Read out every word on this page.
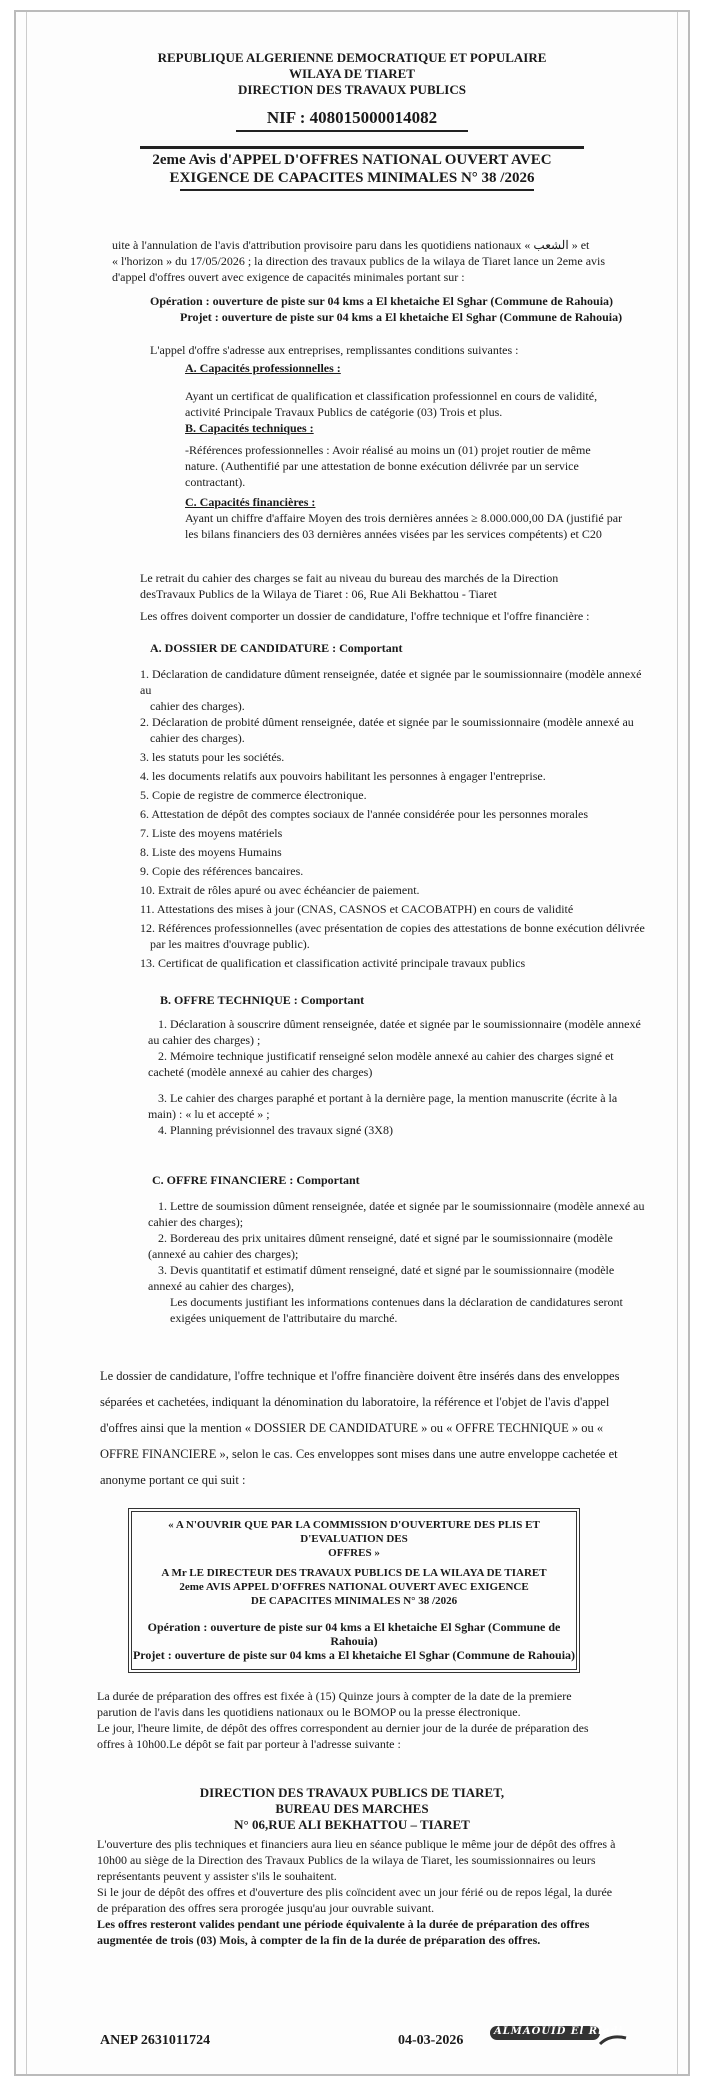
REPUBLIQUE ALGERIENNE DEMOCRATIQUE ET POPULAIRE
WILAYA DE TIARET
DIRECTION DES TRAVAUX PUBLICS
NIF : 408015000014082
2eme Avis d'APPEL D'OFFRES NATIONAL OUVERT AVEC
EXIGENCE DE CAPACITES MINIMALES N° 38 /2026

uite à l'annulation de l'avis d'attribution provisoire paru dans les quotidiens nationaux « الشعب » et

« l'horizon » du 17/05/2026 ; la direction des travaux publics de la wilaya de Tiaret lance un 2eme avis

d'appel d'offres ouvert avec exigence de capacités minimales portant sur :

Opération : ouverture de piste sur 04 kms a El khetaiche El Sghar (Commune de Rahouia)

Projet : ouverture de piste sur 04 kms a El khetaiche El Sghar (Commune de Rahouia)

L'appel d'offre s'adresse aux entreprises, remplissantes conditions suivantes :

A. Capacités professionnelles :

Ayant un certificat de qualification et classification professionnel en cours de validité,

activité Principale Travaux Publics de catégorie (03) Trois et plus.

B. Capacités techniques :

-Références professionnelles : Avoir réalisé au moins un (01) projet routier de même

nature. (Authentifié par une attestation de bonne exécution délivrée par un service

contractant).

C. Capacités financières :

Ayant un chiffre d'affaire Moyen des trois dernières années ≥ 8.000.000,00 DA (justifié par

les bilans financiers des 03 dernières années visées par les services compétents) et C20

Le retrait du cahier des charges se fait au niveau du bureau des marchés de la Direction

desTravaux Publics de la Wilaya de Tiaret : 06, Rue Ali Bekhattou - Tiaret

Les offres doivent comporter un dossier de candidature, l'offre technique et l'offre financière :

A. DOSSIER DE CANDIDATURE : Comportant

1. Déclaration de candidature dûment renseignée, datée et signée par le soumissionnaire (modèle annexé au

cahier des charges).

2. Déclaration de probité dûment renseignée, datée et signée par le soumissionnaire (modèle annexé au

cahier des charges).

3. les statuts pour les sociétés.

4. les documents relatifs aux pouvoirs habilitant les personnes à engager l'entreprise.

5. Copie de registre de commerce électronique.

6. Attestation de dépôt des comptes sociaux de l'année considérée pour les personnes morales

7. Liste des moyens matériels

8. Liste des moyens Humains

9. Copie des références bancaires.

10. Extrait de rôles apuré ou avec échéancier de paiement.

11. Attestations des mises à jour (CNAS, CASNOS et CACOBATPH) en cours de validité

12. Références professionnelles (avec présentation de copies des attestations de bonne exécution délivrée

par les maitres d'ouvrage public).

13. Certificat de qualification et classification activité principale travaux publics

B. OFFRE TECHNIQUE : Comportant

1. Déclaration à souscrire dûment renseignée, datée et signée par le soumissionnaire (modèle annexé

au cahier des charges) ;

2. Mémoire technique justificatif renseigné selon modèle annexé au cahier des charges signé et

cacheté (modèle annexé au cahier des charges)

3. Le cahier des charges paraphé et portant à la dernière page, la mention manuscrite (écrite à la

main) : « lu et accepté » ;

4. Planning prévisionnel des travaux signé (3X8)

C. OFFRE FINANCIERE : Comportant

1. Lettre de soumission dûment renseignée, datée et signée par le soumissionnaire (modèle annexé au

cahier des charges);

2. Bordereau des prix unitaires dûment renseigné, daté et signé par le soumissionnaire (modèle

(annexé au cahier des charges);

3. Devis quantitatif et estimatif dûment renseigné, daté et signé par le soumissionnaire (modèle

annexé au cahier des charges),

Les documents justifiant les informations contenues dans la déclaration de candidatures seront

exigées uniquement de l'attributaire du marché.

Le dossier de candidature, l'offre technique et l'offre financière doivent être insérés dans des enveloppes

séparées et cachetées, indiquant la dénomination du laboratoire, la référence et l'objet de l'avis d'appel

d'offres ainsi que la mention « DOSSIER DE CANDIDATURE » ou « OFFRE TECHNIQUE » ou «

OFFRE FINANCIERE », selon le cas. Ces enveloppes sont mises dans une autre enveloppe cachetée et

anonyme portant ce qui suit :

« A N'OUVRIR QUE PAR LA COMMISSION D'OUVERTURE DES PLIS ET D'EVALUATION DES
OFFRES »
A Mr LE DIRECTEUR DES TRAVAUX PUBLICS DE LA WILAYA DE TIARET
2eme AVIS APPEL D'OFFRES NATIONAL OUVERT AVEC EXIGENCE
DE CAPACITES MINIMALES N° 38 /2026
Opération : ouverture de piste sur 04 kms a El khetaiche El Sghar (Commune de Rahouia)
Projet : ouverture de piste sur 04 kms a El khetaiche El Sghar (Commune de Rahouia)

La durée de préparation des offres est fixée à (15) Quinze jours à compter de la date de la premiere

parution de l'avis dans les quotidiens nationaux ou le BOMOP ou la presse électronique.

Le jour, l'heure limite, de dépôt des offres correspondent au dernier jour de la durée de préparation des

offres à 10h00.Le dépôt se fait par porteur à l'adresse suivante :

DIRECTION DES TRAVAUX PUBLICS DE TIARET,
BUREAU DES MARCHES
N° 06,RUE ALI BEKHATTOU – TIARET

L'ouverture des plis techniques et financiers aura lieu en séance publique le même jour de dépôt des offres à

10h00 au siège de la Direction des Travaux Publics de la wilaya de Tiaret, les soumissionnaires ou leurs

représentants peuvent y assister s'ils le souhaitent.

Si le jour de dépôt des offres et d'ouverture des plis coïncident avec un jour férié ou de repos légal, la durée

de préparation des offres sera prorogée jusqu'au jour ouvrable suivant.

Les offres resteront valides pendant une période équivalente à la durée de préparation des offres

augmentée de trois (03) Mois, à compter de la fin de la durée de préparation des offres.

ANEP 2631011724	04-03-2026
ALMAOUID El Riadi
